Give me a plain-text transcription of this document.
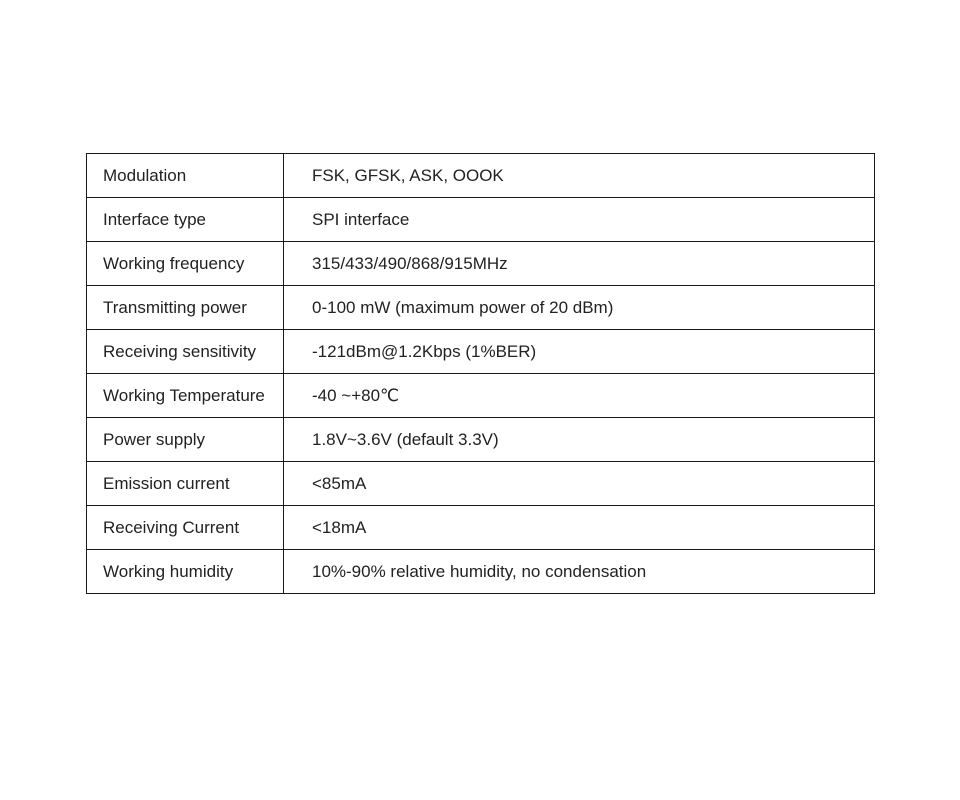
Modulation	FSK, GFSK, ASK, OOOK
Interface type	SPI interface
Working frequency	315/433/490/868/915MHz
Transmitting power	0-100 mW (maximum power of 20 dBm)
Receiving sensitivity	-121dBm@1.2Kbps (1%BER)
Working Temperature	-40 ~+80℃
Power supply	1.8V~3.6V (default 3.3V)
Emission current	<85mA
Receiving Current	<18mA
Working humidity	10%-90% relative humidity, no condensation
